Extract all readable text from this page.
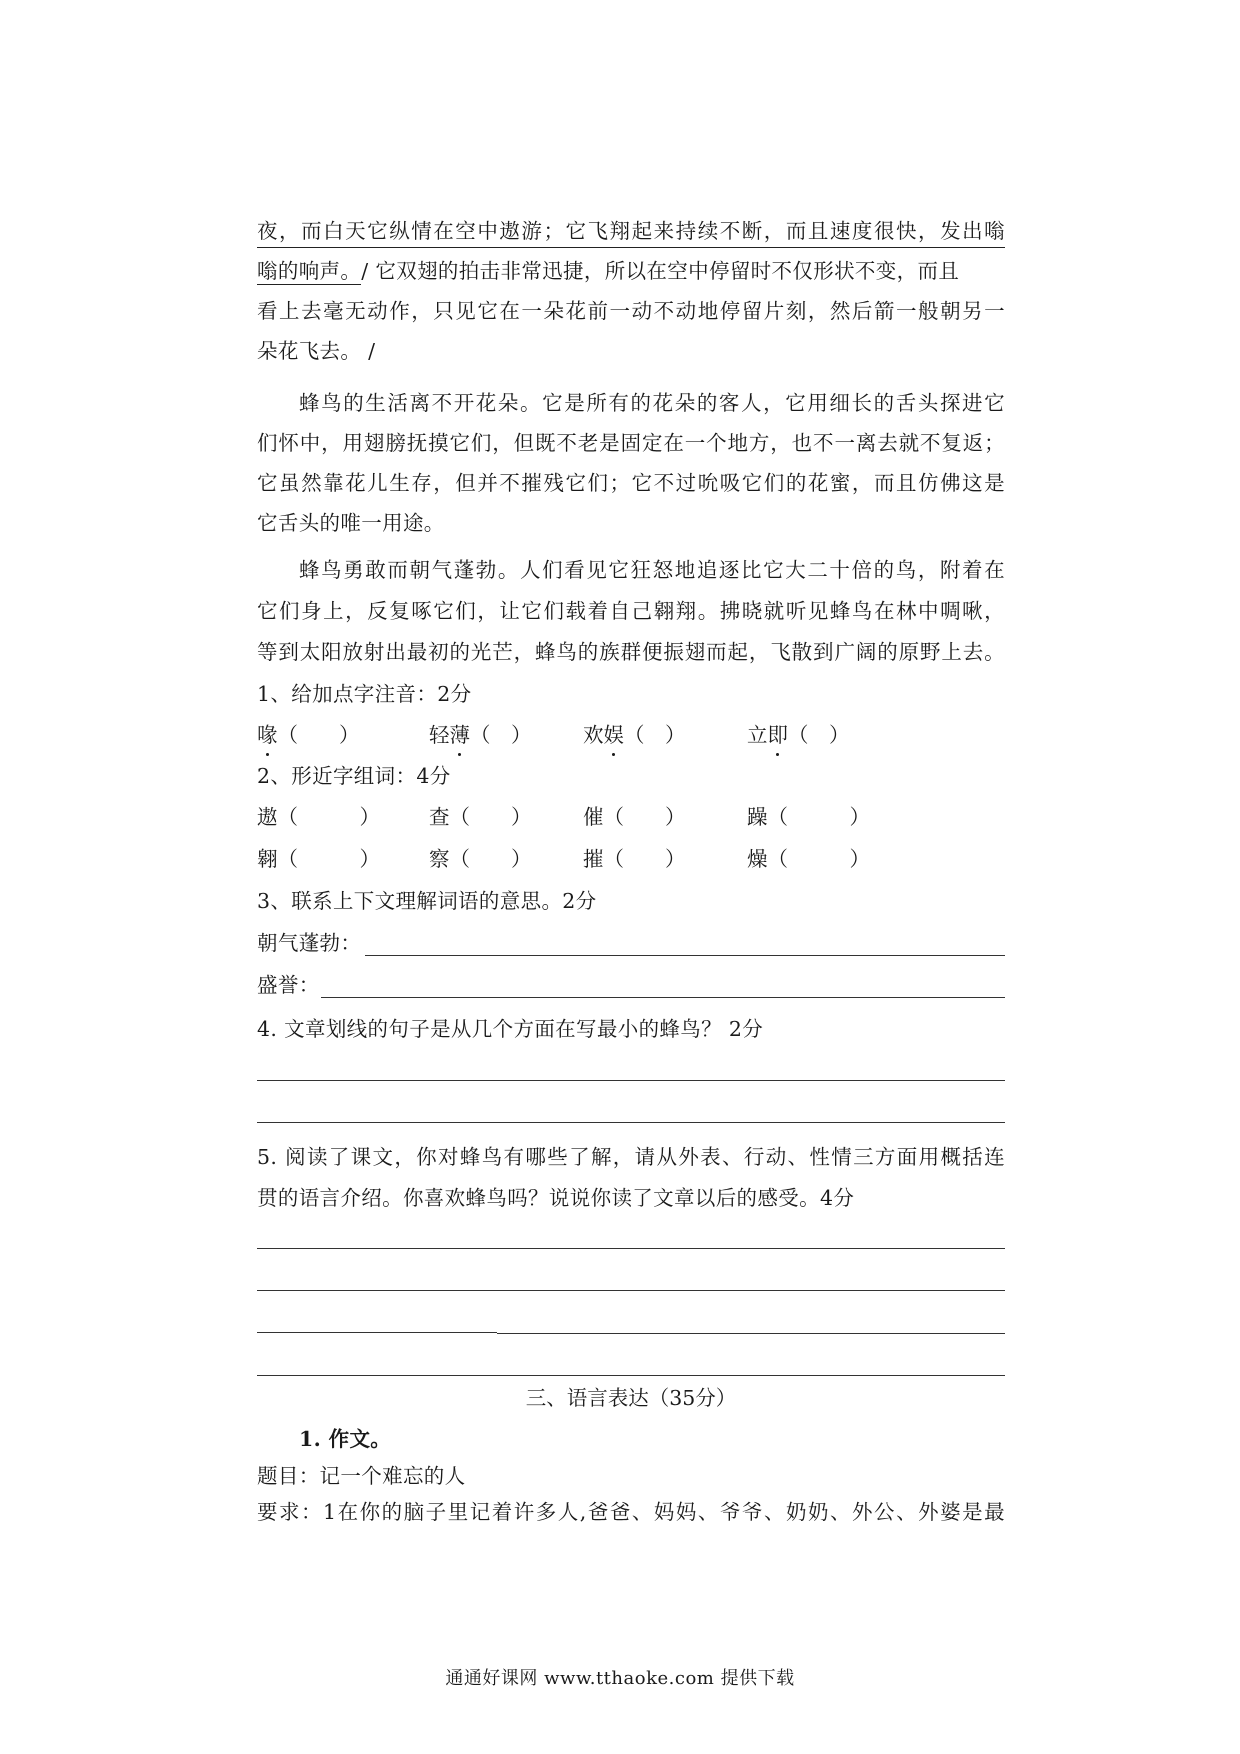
夜，而白天它纵情在空中遨游；它飞翔起来持续不断，而且速度很快，发出嗡
嗡的响声。/ 它双翅的拍击非常迅捷，所以在空中停留时不仅形状不变，而且
看上去毫无动作，只见它在一朵花前一动不动地停留片刻，然后箭一般朝另一
朵花飞去。 /
蜂鸟的生活离不开花朵。它是所有的花朵的客人，它用细长的舌头探进它
们怀中，用翅膀抚摸它们，但既不老是固定在一个地方，也不一离去就不复返；
它虽然靠花儿生存，但并不摧残它们；它不过吮吸它们的花蜜，而且仿佛这是
它舌头的唯一用途。
蜂鸟勇敢而朝气蓬勃。人们看见它狂怒地追逐比它大二十倍的鸟，附着在
它们身上，反复啄它们，让它们载着自己翱翔。拂晓就听见蜂鸟在林中啁啾，
等到太阳放射出最初的光芒，蜂鸟的族群便振翅而起，飞散到广阔的原野上去。
1、给加点字注音：2分
喙（　　）	轻薄（　）	欢娱（　）	立即（　）
2、形近字组词：4分
遨（　　　） 查（　　）	催（　　）	躁（　　　）
翱（　　　） 察（　　）	摧（　　）	燥（　　　）
3、联系上下文理解词语的意思。2分
朝气蓬勃：
盛誉：
4. 文章划线的句子是从几个方面在写最小的蜂鸟？ 2分
5. 阅读了课文，你对蜂鸟有哪些了解，请从外表、行动、性情三方面用概括连
贯的语言介绍。你喜欢蜂鸟吗？说说你读了文章以后的感受。4分
三、语言表达（35分）
1. 作文。
题目：记一个难忘的人
要求：1在你的脑子里记着许多人,爸爸、妈妈、爷爷、奶奶、外公、外婆是最
通通好课网 www.tthaoke.com 提供下载
